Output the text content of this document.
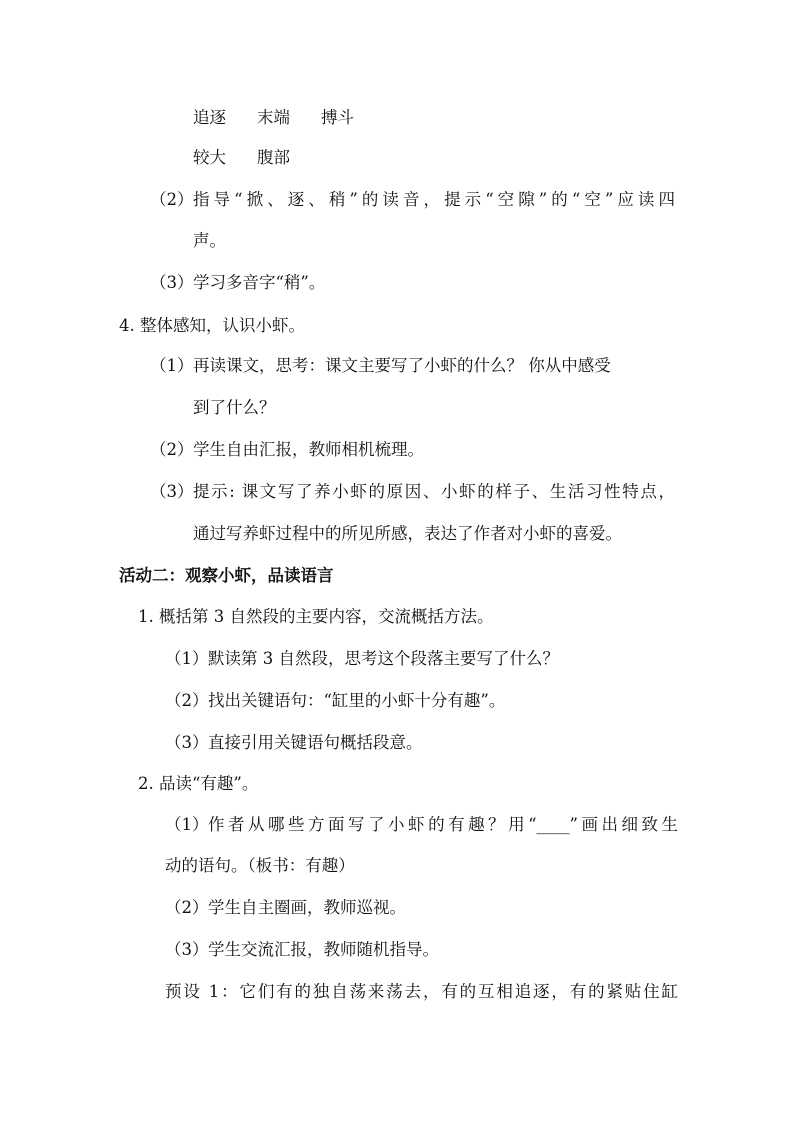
追逐 末端 搏斗
较大 腹部
（2） 指导“掀、逐、稍”的读音，提示“空隙”的“空”应读四
声。
（3） 学习多音字“稍”。
4. 整体感知，认识小虾。
（1） 再读课文，思考：课文主要写了小虾的什么？ 你从中感受
到了什么？
（2） 学生自由汇报，教师相机梳理。
（3） 提示: 课文写了养小虾的原因、小虾的样子、生活习性特点，
通过写养虾过程中的所见所感，表达了作者对小虾的喜爱。
活动二：观察小虾，品读语言
1. 概括第 3 自然段的主要内容，交流概括方法。
（1） 默读第 3 自然段，思考这个段落主要写了什么？
（2） 找出关键语句：“缸里的小虾十分有趣”。
（3） 直接引用关键语句概括段意。
2. 品读“有趣”。
（1） 作者从哪些方面写了小虾的有趣？用“____”画出细致生
动的语句。（板书：有趣）
（2） 学生自主圈画，教师巡视。
（3） 学生交流汇报，教师随机指导。
预设 1：它们有的独自荡来荡去，有的互相追逐，有的紧贴住缸
